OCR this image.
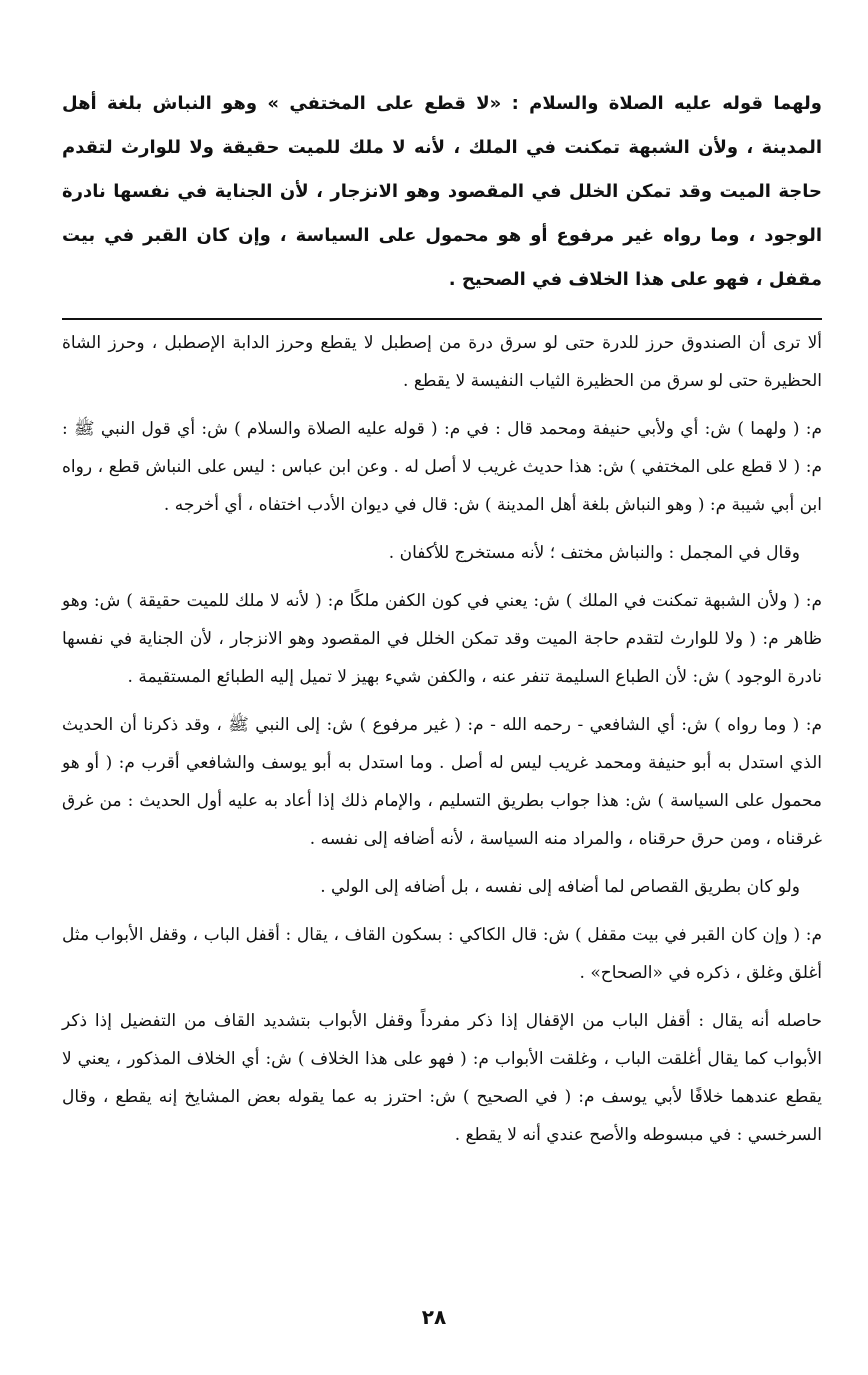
ولهما قوله عليه الصلاة والسلام : «لا قطع على المختفي » وهو النباش بلغة أهل المدينة ، ولأن الشبهة تمكنت في الملك ، لأنه لا ملك للميت حقيقة ولا للوارث لتقدم حاجة الميت وقد تمكن الخلل في المقصود وهو الانزجار ، لأن الجناية في نفسها نادرة الوجود ، وما رواه غير مرفوع أو هو محمول على السياسة ، وإن كان القبر في بيت مقفل ، فهو على هذا الخلاف في الصحيح .

ألا ترى أن الصندوق حرز للدرة حتى لو سرق درة من إصطبل لا يقطع وحرز الدابة الإصطبل ، وحرز الشاة الحظيرة حتى لو سرق من الحظيرة الثياب النفيسة لا يقطع .

م: ( ولهما ) ش: أي ولأبي حنيفة ومحمد قال : في م: ( قوله عليه الصلاة والسلام ) ش: أي قول النبي ﷺ : م: ( لا قطع على المختفي ) ش: هذا حديث غريب لا أصل له . وعن ابن عباس : ليس على النباش قطع ، رواه ابن أبي شيبة م: ( وهو النباش بلغة أهل المدينة ) ش: قال في ديوان الأدب اختفاه ، أي أخرجه .

وقال في المجمل : والنباش مختف ؛ لأنه مستخرج للأكفان .

م: ( ولأن الشبهة تمكنت في الملك ) ش: يعني في كون الكفن ملكًا م: ( لأنه لا ملك للميت حقيقة ) ش: وهو ظاهر م: ( ولا للوارث لتقدم حاجة الميت وقد تمكن الخلل في المقصود وهو الانزجار ، لأن الجناية في نفسها نادرة الوجود ) ش: لأن الطباع السليمة تنفر عنه ، والكفن شيء بهيز لا تميل إليه الطبائع المستقيمة .

م: ( وما رواه ) ش: أي الشافعي - رحمه الله - م: ( غير مرفوع ) ش: إلى النبي ﷺ ، وقد ذكرنا أن الحديث الذي استدل به أبو حنيفة ومحمد غريب ليس له أصل . وما استدل به أبو يوسف والشافعي أقرب م: ( أو هو محمول على السياسة ) ش: هذا جواب بطريق التسليم ، والإمام ذلك إذا أعاد به عليه أول الحديث : من غرق غرقناه ، ومن حرق حرقناه ، والمراد منه السياسة ، لأنه أضافه إلى نفسه .

ولو كان بطريق القصاص لما أضافه إلى نفسه ، بل أضافه إلى الولي .

م: ( وإن كان القبر في بيت مقفل ) ش: قال الكاكي : بسكون القاف ، يقال : أقفل الباب ، وقفل الأبواب مثل أغلق وغلق ، ذكره في «الصحاح» .

حاصله أنه يقال : أقفل الباب من الإقفال إذا ذكر مفرداً وقفل الأبواب بتشديد القاف من التفضيل إذا ذكر الأبواب كما يقال أغلقت الباب ، وغلقت الأبواب م: ( فهو على هذا الخلاف ) ش: أي الخلاف المذكور ، يعني لا يقطع عندهما خلافًا لأبي يوسف م: ( في الصحيح ) ش: احترز به عما يقوله بعض المشايخ إنه يقطع ، وقال السرخسي : في مبسوطه والأصح عندي أنه لا يقطع .

٢٨
